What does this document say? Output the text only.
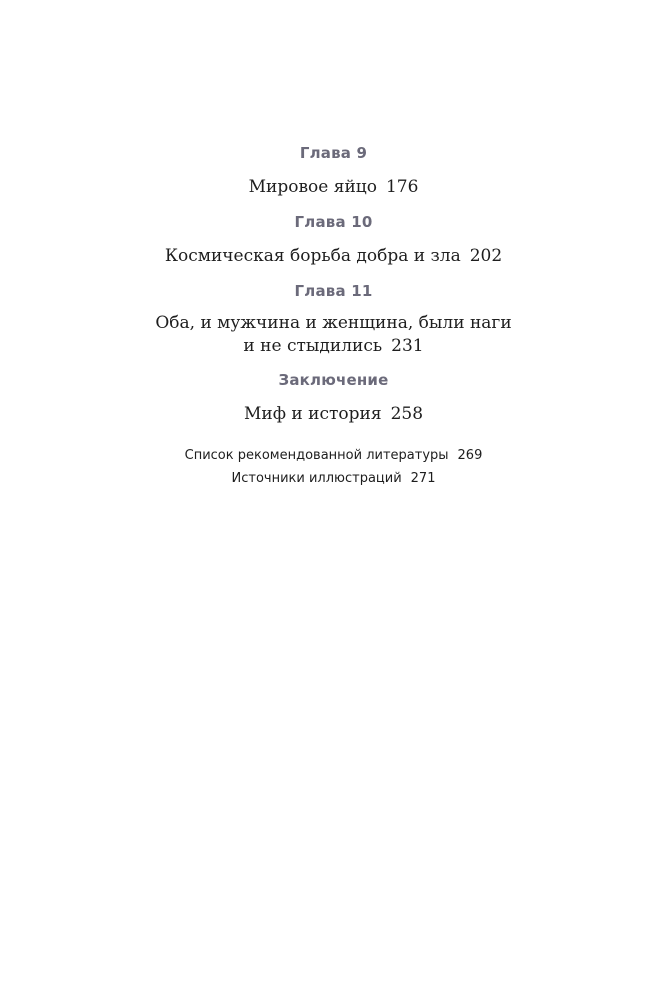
Глава 9

Мировое яйцо 176

Глава 10

Космическая борьба добра и зла 202

Глава 11

Оба, и мужчина и женщина, были наги
и не стыдились 231

Заключение

Миф и история 258

Список рекомендованной литературы 269

Источники иллюстраций 271
